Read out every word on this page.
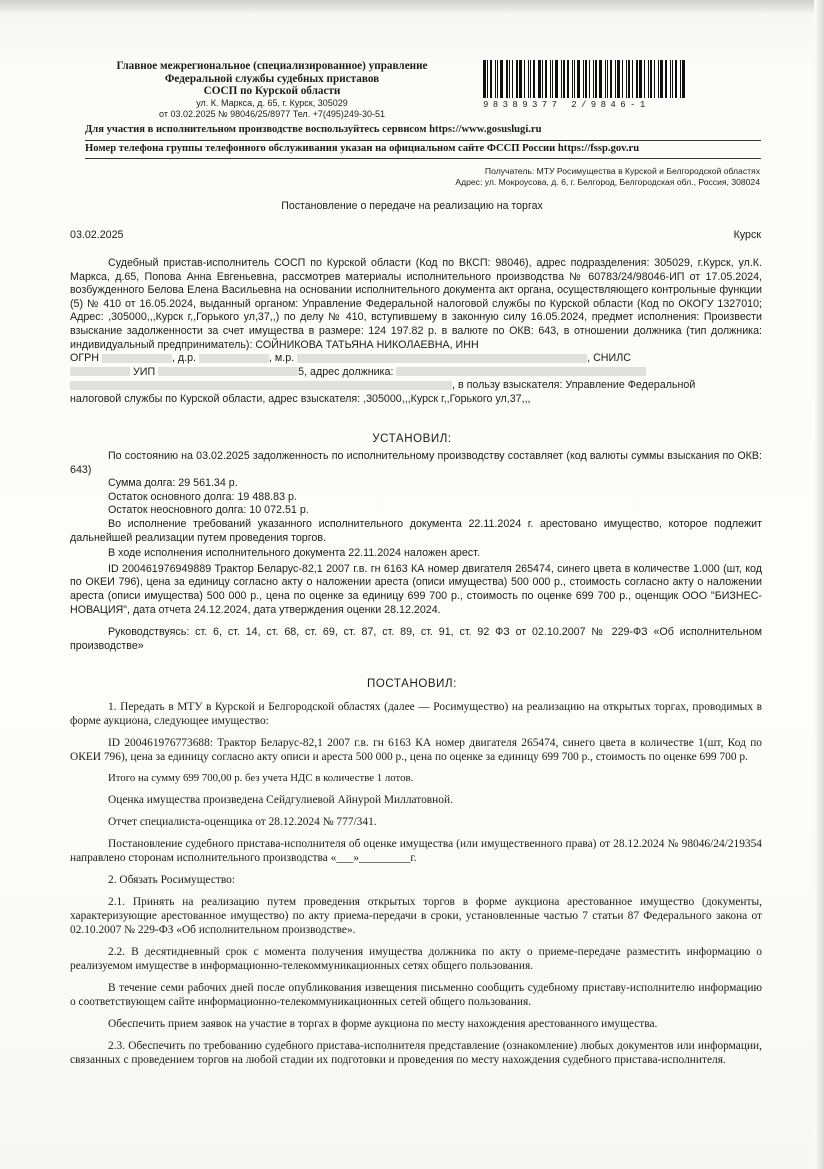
Главное межрегиональное (специализированное) управление
Федеральной службы судебных приставов
СОСП по Курской области
ул. К. Маркса, д. 65, г. Курск, 305029
от 03.02.2025 № 98046/25/8977 Тел. +7(495)249-30-51
98389377 2/9846-1
Для участия в исполнительном производстве воспользуйтесь сервисом https://www.gosuslugi.ru
Номер телефона группы телефонного обслуживания указан на официальном сайте ФССП России https://fssp.gov.ru
Получатель: МТУ Росимущества в Курской и Белгородской областях
Адрес: ул. Мокроусова, д. 6, г. Белгород, Белгородская обл., Россия, 308024
Постановление о передаче на реализацию на торгах
03.02.2025	Курск

Судебный пристав-исполнитель СОСП по Курской области (Код по ВКСП: 98046), адрес подразделения: 305029, г.Курск, ул.К. Маркса, д.65, Попова Анна Евгеньевна, рассмотрев материалы исполнительного производства № 60783/24/98046-ИП от 17.05.2024, возбужденного Белова Елена Васильевна на основании исполнительного документа акт органа, осуществляющего контрольные функции (5) № 410 от 16.05.2024, выданный органом: Управление Федеральной налоговой службы по Курской области (Код по ОКОГУ 1327010; Адрес: ,305000,,,Курск г,,Горького ул,37,,) по делу № 410, вступившему в законную силу 16.05.2024, предмет исполнения: Произвести взыскание задолженности за счет имущества в размере: 124 197.82 р. в валюте по ОКВ: 643, в отношении должника (тип должника: индивидуальный предприниматель): СОЙНИКОВА ТАТЬЯНА НИКОЛАЕВНА, ИНН

ОГРН	, д.р.	, м.р.	, СНИЛС
УИП	5, адрес должника:
, в пользу взыскателя: Управление Федеральной
налоговой службы по Курской области, адрес взыскателя: ,305000,,,Курск г,,Горького ул,37,,,
УСТАНОВИЛ:

По состоянию на 03.02.2025 задолженность по исполнительному производству составляет (код валюты суммы взыскания по ОКВ: 643)

Сумма долга: 29 561.34 р.

Остаток основного долга: 19 488.83 р.

Остаток неосновного долга: 10 072.51 р.

Во исполнение требований указанного исполнительного документа 22.11.2024 г. арестовано имущество, которое подлежит дальнейшей реализации путем проведения торгов.

В ходе исполнения исполнительного документа 22.11.2024 наложен арест.

ID 200461976949889 Трактор Беларус-82,1 2007 г.в. гн 6163 КА номер двигателя 265474, синего цвета в количестве 1.000 (шт, код по ОКЕИ 796), цена за единицу согласно акту о наложении ареста (описи имущества) 500 000 р., стоимость согласно акту о наложении ареста (описи имущества) 500 000 р., цена по оценке за единицу 699 700 р., стоимость по оценке 699 700 р., оценщик ООО "БИЗНЕС-НОВАЦИЯ", дата отчета 24.12.2024, дата утверждения оценки 28.12.2024.

Руководствуясь: ст. 6, ст. 14, ст. 68, ст. 69, ст. 87, ст. 89, ст. 91, ст. 92 ФЗ от 02.10.2007 № 229-ФЗ «Об исполнительном производстве»

ПОСТАНОВИЛ:

1. Передать в МТУ в Курской и Белгородской областях (далее — Росимущество) на реализацию на открытых торгах, проводимых в форме аукциона, следующее имущество:

ID 200461976773688: Трактор Беларус-82,1 2007 г.в. гн 6163 КА номер двигателя 265474, синего цвета в количестве 1(шт, Код по ОКЕИ 796), цена за единицу согласно акту описи и ареста 500 000 р., цена по оценке за единицу 699 700 р., стоимость по оценке 699 700 р.

Итого на сумму 699 700,00 р. без учета НДС в количестве 1 лотов.

Оценка имущества произведена Сейдгулиевой Айнурой Миллатовной.

Отчет специалиста-оценщика от 28.12.2024 № 777/341.

Постановление судебного пристава-исполнителя об оценке имущества (или имущественного права) от 28.12.2024 № 98046/24/219354 направлено сторонам исполнительного производства «___»_________г.

2. Обязать Росимущество:

2.1. Принять на реализацию путем проведения открытых торгов в форме аукциона арестованное имущество (документы, характеризующие арестованное имущество) по акту приема-передачи в сроки, установленные частью 7 статьи 87 Федерального закона от 02.10.2007 № 229-ФЗ «Об исполнительном производстве».

2.2. В десятидневный срок с момента получения имущества должника по акту о приеме-передаче разместить информацию о реализуемом имуществе в информационно-телекоммуникационных сетях общего пользования.

В течение семи рабочих дней после опубликования извещения письменно сообщить судебному приставу-исполнителю информацию о соответствующем сайте информационно-телекоммуникационных сетей общего пользования.

Обеспечить прием заявок на участие в торгах в форме аукциона по месту нахождения арестованного имущества.

2.3. Обеспечить по требованию судебного пристава-исполнителя представление (ознакомление) любых документов или информации, связанных с проведением торгов на любой стадии их подготовки и проведения по месту нахождения судебного пристава-исполнителя.
